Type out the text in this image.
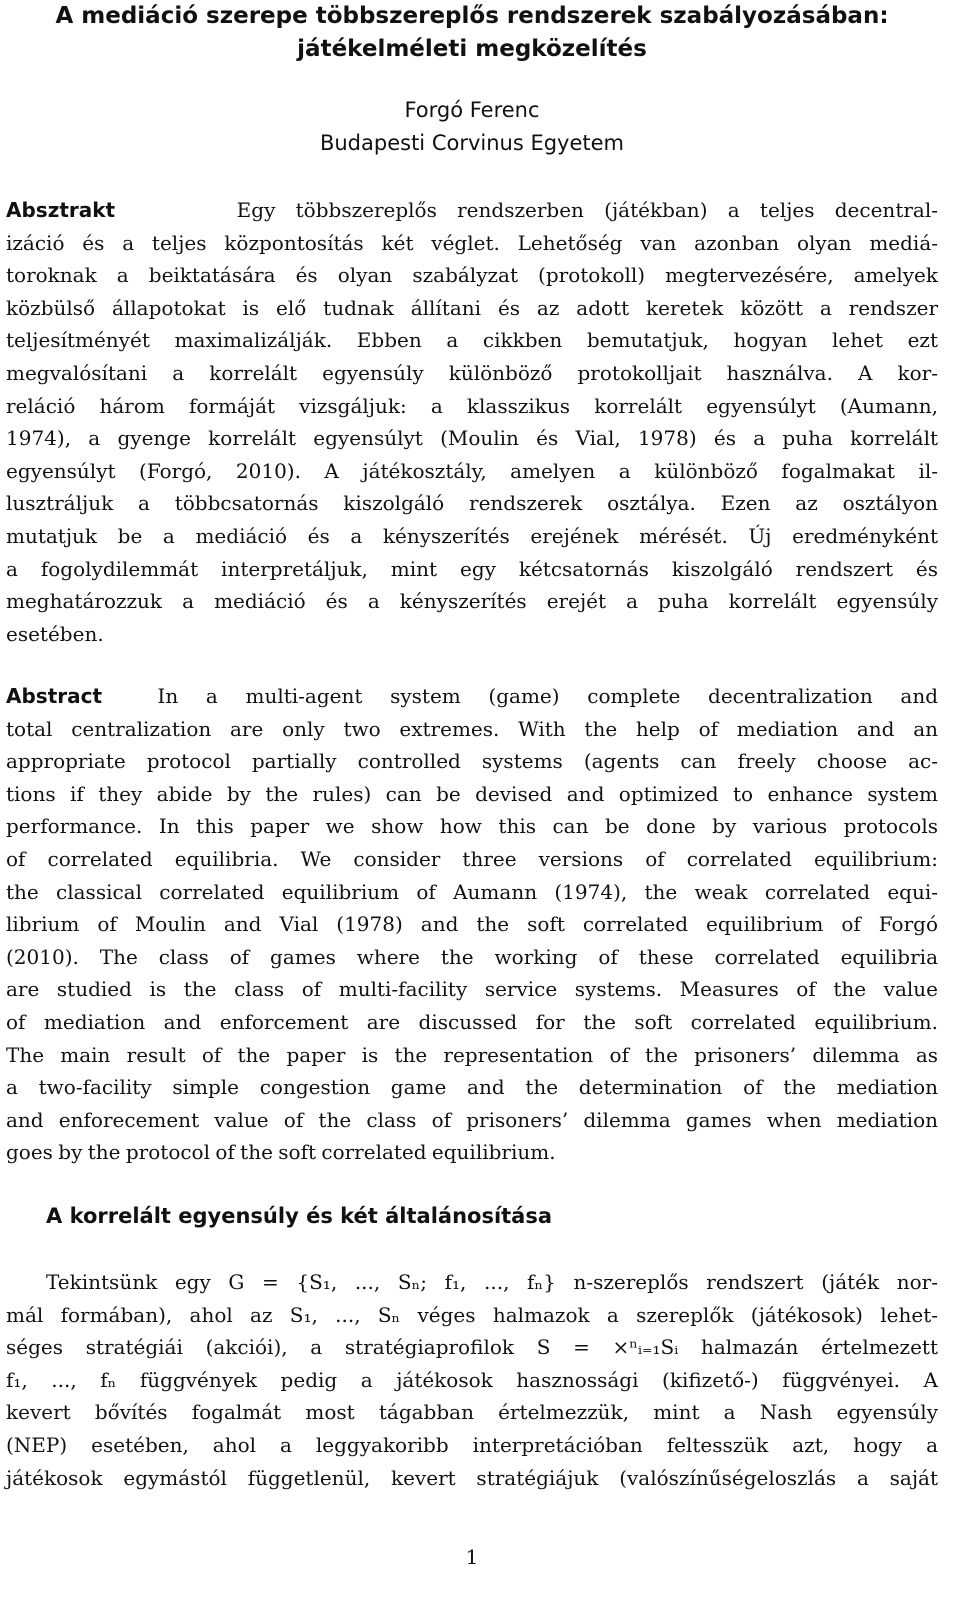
A mediáció szerepe többszereplős rendszerek szabályozásában:
játékelméleti megközelítés
Forgó Ferenc
Budapesti Corvinus Egyetem
Absztrakt	Egy többszereplős rendszerben (játékban) a teljes decentral-
izáció és a teljes központosítás két véglet. Lehetőség van azonban olyan mediá-
toroknak a beiktatására és olyan szabályzat (protokoll) megtervezésére, amelyek
közbülső állapotokat is elő tudnak állítani és az adott keretek között a rendszer
teljesítményét maximalizálják. Ebben a cikkben bemutatjuk, hogyan lehet ezt
megvalósítani a korrelált egyensúly különböző protokolljait használva. A kor-
reláció három formáját vizsgáljuk: a klasszikus korrelált egyensúlyt (Aumann,
1974), a gyenge korrelált egyensúlyt (Moulin és Vial, 1978) és a puha korrelált
egyensúlyt (Forgó, 2010). A játékosztály, amelyen a különböző fogalmakat il-
lusztráljuk a többcsatornás kiszolgáló rendszerek osztálya. Ezen az osztályon
mutatjuk be a mediáció és a kényszerítés erejének mérését. Új eredményként
a fogolydilemmát interpretáljuk, mint egy kétcsatornás kiszolgáló rendszert és
meghatározzuk a mediáció és a kényszerítés erejét a puha korrelált egyensúly
esetében.
Abstract	In a multi-agent system (game) complete decentralization and
total centralization are only two extremes. With the help of mediation and an
appropriate protocol partially controlled systems (agents can freely choose ac-
tions if they abide by the rules) can be devised and optimized to enhance system
performance. In this paper we show how this can be done by various protocols
of correlated equilibria. We consider three versions of correlated equilibrium:
the classical correlated equilibrium of Aumann (1974), the weak correlated equi-
librium of Moulin and Vial (1978) and the soft correlated equilibrium of Forgó
(2010). The class of games where the working of these correlated equilibria
are studied is the class of multi-facility service systems. Measures of the value
of mediation and enforcement are discussed for the soft correlated equilibrium.
The main result of the paper is the representation of the prisoners’ dilemma as
a two-facility simple congestion game and the determination of the mediation
and enforecement value of the class of prisoners’ dilemma games when mediation
goes by the protocol of the soft correlated equilibrium.
A korrelált egyensúly és két általánosítása
Tekintsünk egy G = {S₁, ..., Sₙ; f₁, ..., fₙ} n-szereplős rendszert (játék nor-
mál formában), ahol az S₁, ..., Sₙ véges halmazok a szereplők (játékosok) lehet-
séges stratégiái (akciói), a stratégiaprofilok S = ×ⁿᵢ₌₁Sᵢ halmazán értelmezett
f₁, ..., fₙ függvények pedig a játékosok hasznossági (kifizető-) függvényei. A
kevert bővítés fogalmát most tágabban értelmezzük, mint a Nash egyensúly
(NEP) esetében, ahol a leggyakoribb interpretációban feltesszük azt, hogy a
játékosok egymástól függetlenül, kevert stratégiájuk (valószínűségeloszlás a saját
1
